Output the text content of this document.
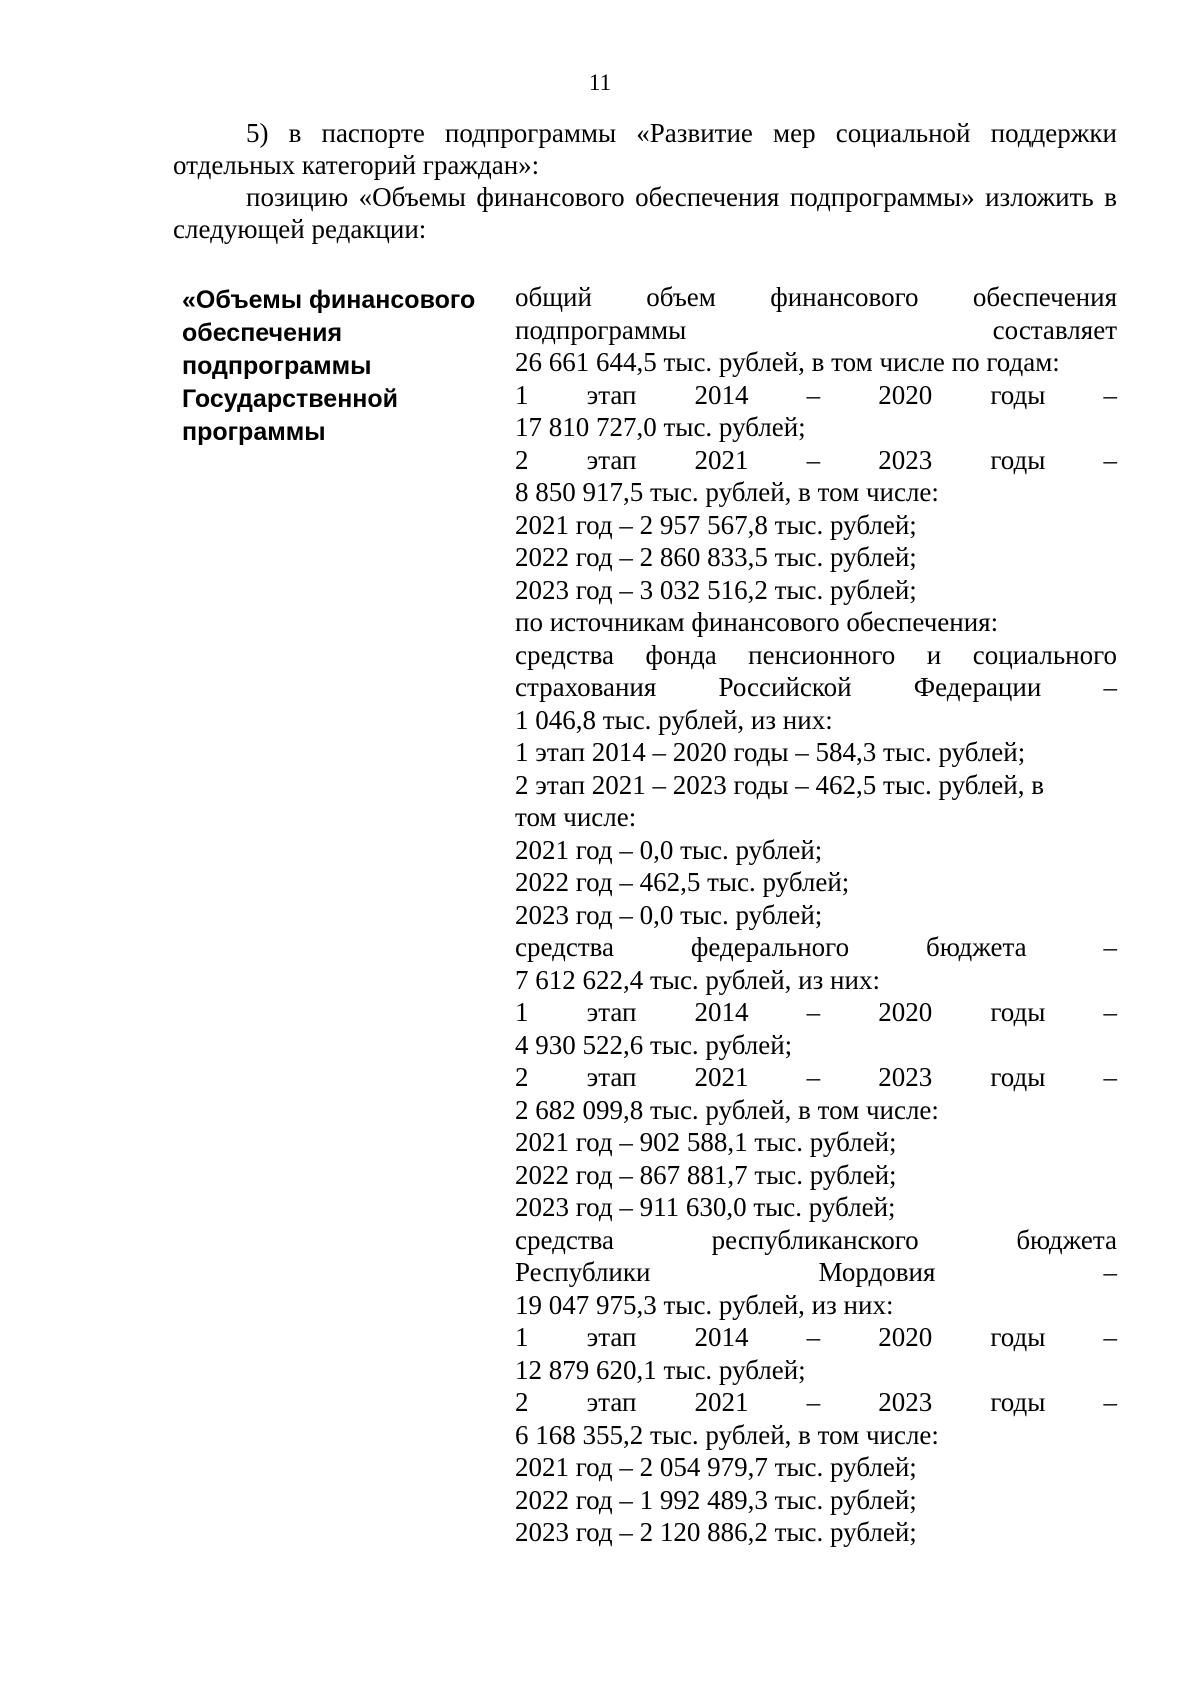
11

5) в паспорте подпрограммы «Развитие мер социальной поддержки отдельных категорий граждан»:

позицию «Объемы финансового обеспечения подпрограммы» изложить в следующей редакции:

«Объемы финансового обеспечения подпрограммы Государственной программы
общий объем финансового обеспечения
подпрограммы составляет
26 661 644,5 тыс. рублей, в том числе по годам:
1 этап 2014 – 2020 годы –
17 810 727,0 тыс. рублей;
2 этап 2021 – 2023 годы –
8 850 917,5 тыс. рублей, в том числе:
2021 год – 2 957 567,8 тыс. рублей;
2022 год – 2 860 833,5 тыс. рублей;
2023 год – 3 032 516,2 тыс. рублей;
по источникам финансового обеспечения:
средства фонда пенсионного и социального
страхования Российской Федерации –
1 046,8 тыс. рублей, из них:
1 этап 2014 – 2020 годы – 584,3 тыс. рублей;
2 этап 2021 – 2023 годы – 462,5 тыс. рублей, в
том числе:
2021 год – 0,0 тыс. рублей;
2022 год – 462,5 тыс. рублей;
2023 год – 0,0 тыс. рублей;
средства федерального бюджета –
7 612 622,4 тыс. рублей, из них:
1 этап 2014 – 2020 годы –
4 930 522,6 тыс. рублей;
2 этап 2021 – 2023 годы –
2 682 099,8 тыс. рублей, в том числе:
2021 год – 902 588,1 тыс. рублей;
2022 год – 867 881,7 тыс. рублей;
2023 год – 911 630,0 тыс. рублей;
средства республиканского бюджета
Республики Мордовия –
19 047 975,3 тыс. рублей, из них:
1 этап 2014 – 2020 годы –
12 879 620,1 тыс. рублей;
2 этап 2021 – 2023 годы –
6 168 355,2 тыс. рублей, в том числе:
2021 год – 2 054 979,7 тыс. рублей;
2022 год – 1 992 489,3 тыс. рублей;
2023 год – 2 120 886,2 тыс. рублей;
